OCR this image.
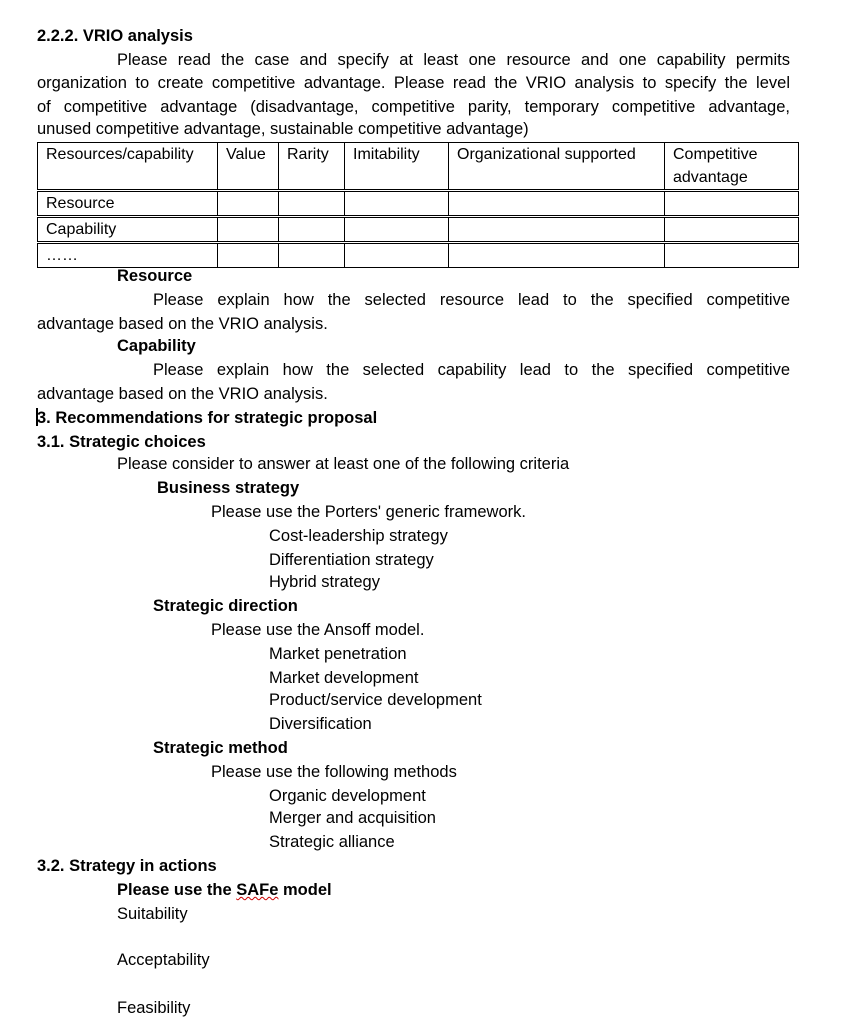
2.2.2. VRIO analysis
Please read the case and specify at least one resource and one capability permits
organization to create competitive advantage. Please read the VRIO analysis to specify the level
of competitive advantage (disadvantage, competitive parity, temporary competitive advantage,
unused competitive advantage, sustainable competitive advantage)
Resources/capability	Value	Rarity	Imitability	Organizational supported	Competitive
advantage
Resource					
Capability					
……					
Resource
Please explain how the selected resource lead to the specified competitive
advantage based on the VRIO analysis.
Capability
Please explain how the selected capability lead to the specified competitive
advantage based on the VRIO analysis.
3. Recommendations for strategic proposal
3.1. Strategic choices
Please consider to answer at least one of the following criteria
Business strategy
Please use the Porters' generic framework.
Cost-leadership strategy
Differentiation strategy
Hybrid strategy
Strategic direction
Please use the Ansoff model.
Market penetration
Market development
Product/service development
Diversification
Strategic method
Please use the following methods
Organic development
Merger and acquisition
Strategic alliance
3.2. Strategy in actions
Please use the SAFe model
Suitability
Acceptability
Feasibility
